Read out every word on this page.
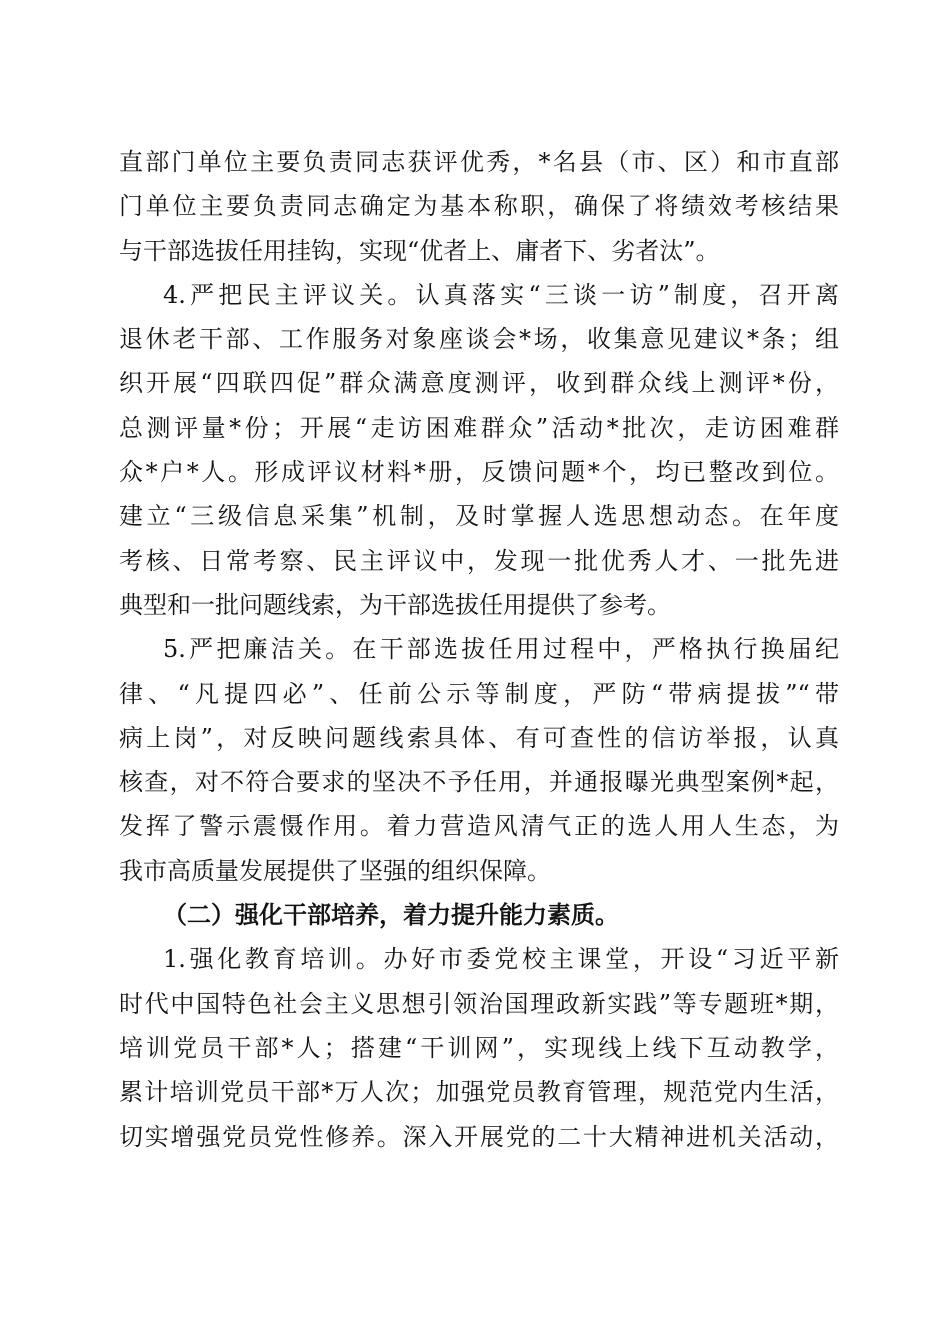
直部门单位主要负责同志获评优秀，*名县（市、区）和市直部
门单位主要负责同志确定为基本称职，确保了将绩效考核结果
与干部选拔任用挂钩，实现“优者上、庸者下、劣者汰”。
4.严把民主评议关。认真落实“三谈一访”制度，召开离
退休老干部、工作服务对象座谈会*场，收集意见建议*条；组
织开展“四联四促”群众满意度测评，收到群众线上测评*份，
总测评量*份；开展“走访困难群众”活动*批次，走访困难群
众*户*人。形成评议材料*册，反馈问题*个，均已整改到位。
建立“三级信息采集”机制，及时掌握人选思想动态。在年度
考核、日常考察、民主评议中，发现一批优秀人才、一批先进
典型和一批问题线索，为干部选拔任用提供了参考。
5.严把廉洁关。在干部选拔任用过程中，严格执行换届纪
律、“凡提四必”、任前公示等制度，严防“带病提拔”“带
病上岗”，对反映问题线索具体、有可查性的信访举报，认真
核查，对不符合要求的坚决不予任用，并通报曝光典型案例*起，
发挥了警示震慑作用。着力营造风清气正的选人用人生态，为
我市高质量发展提供了坚强的组织保障。
（二）强化干部培养，着力提升能力素质。
1.强化教育培训。办好市委党校主课堂，开设“习近平新
时代中国特色社会主义思想引领治国理政新实践”等专题班*期，
培训党员干部*人；搭建“干训网”，实现线上线下互动教学，
累计培训党员干部*万人次；加强党员教育管理，规范党内生活，
切实增强党员党性修养。深入开展党的二十大精神进机关活动，
